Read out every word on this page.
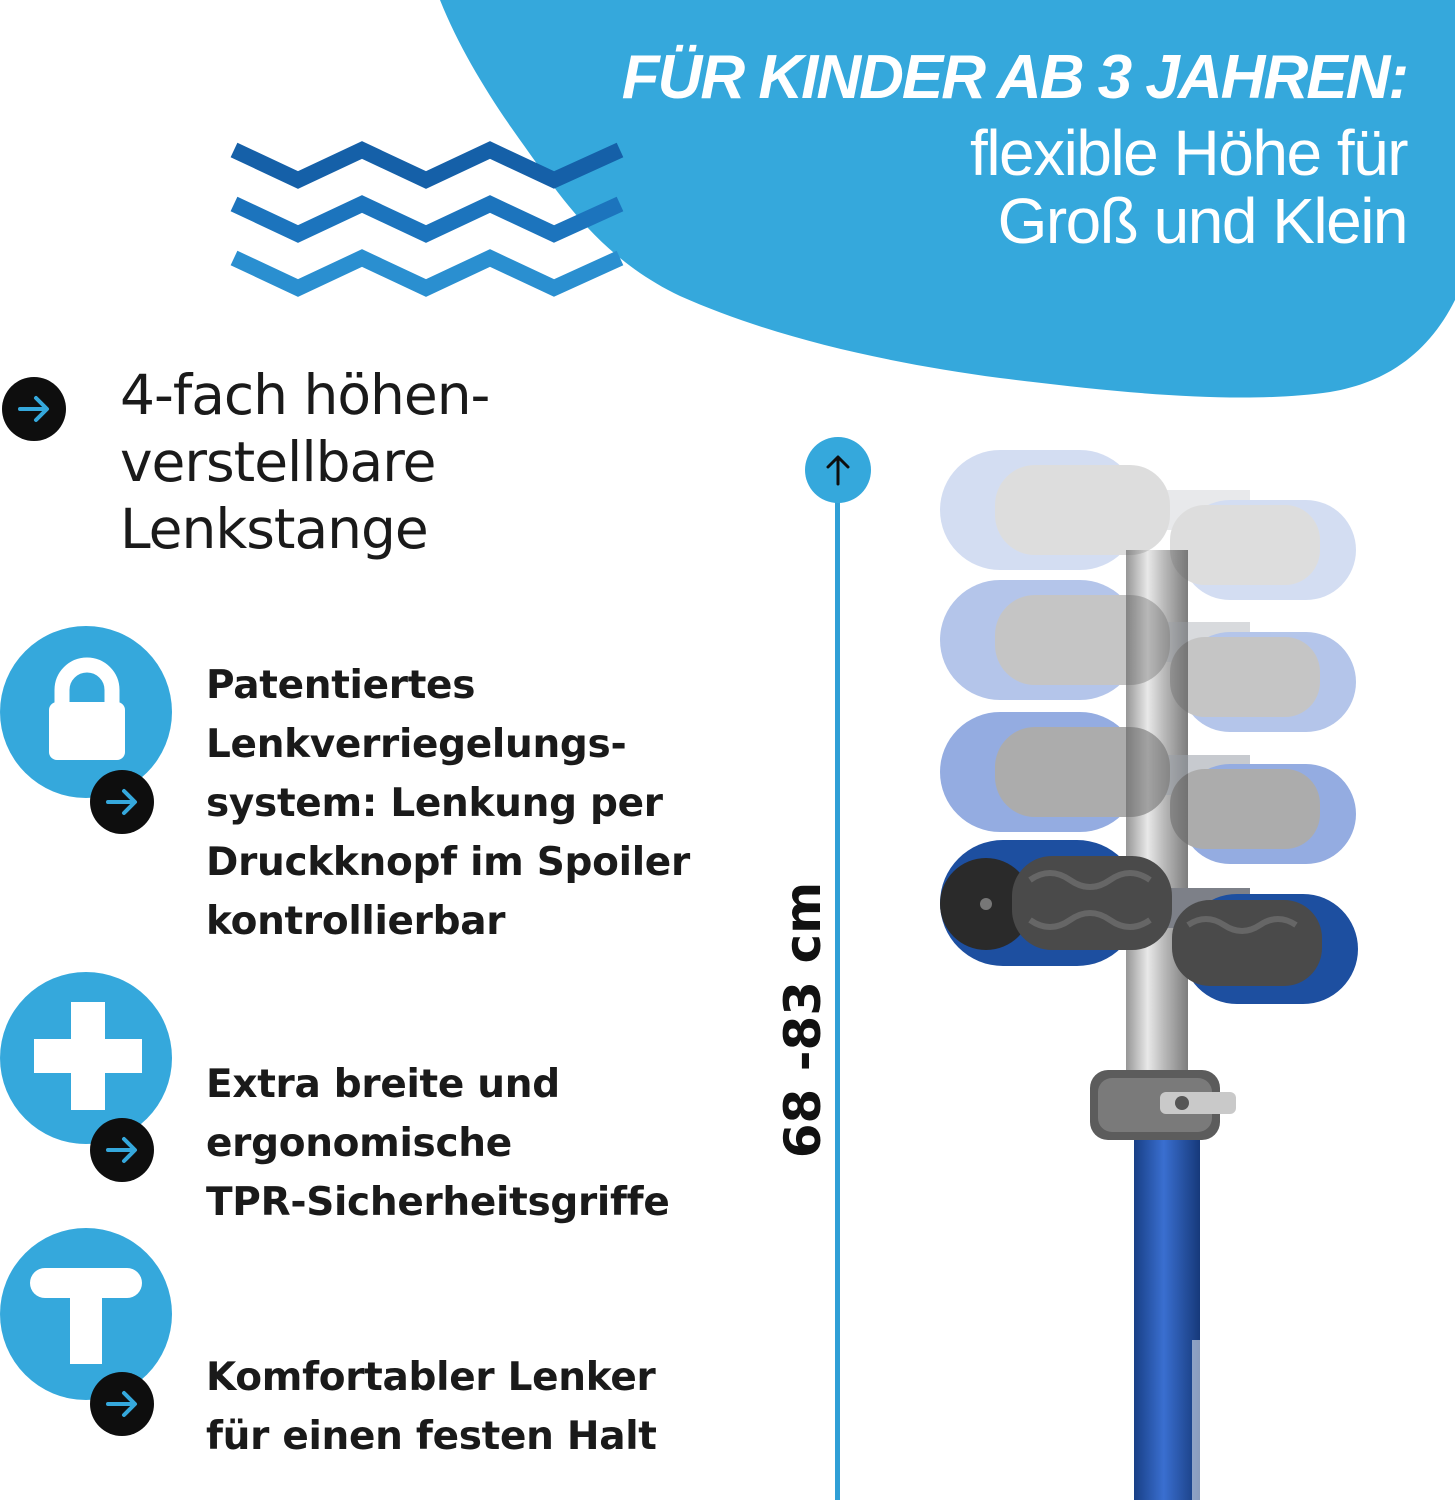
FÜR KINDER AB 3 JAHREN:
flexible Höhe für
Groß und Klein
4-fach höhen-
verstellbare
Lenkstange
Patentiertes
Lenkverriegelungs-
system: Lenkung per
Druckknopf im Spoiler
kontrollierbar
Extra breite und
ergonomische
TPR-Sicherheitsgriffe
Komfortabler Lenker
für einen festen Halt
68 -83 cm
